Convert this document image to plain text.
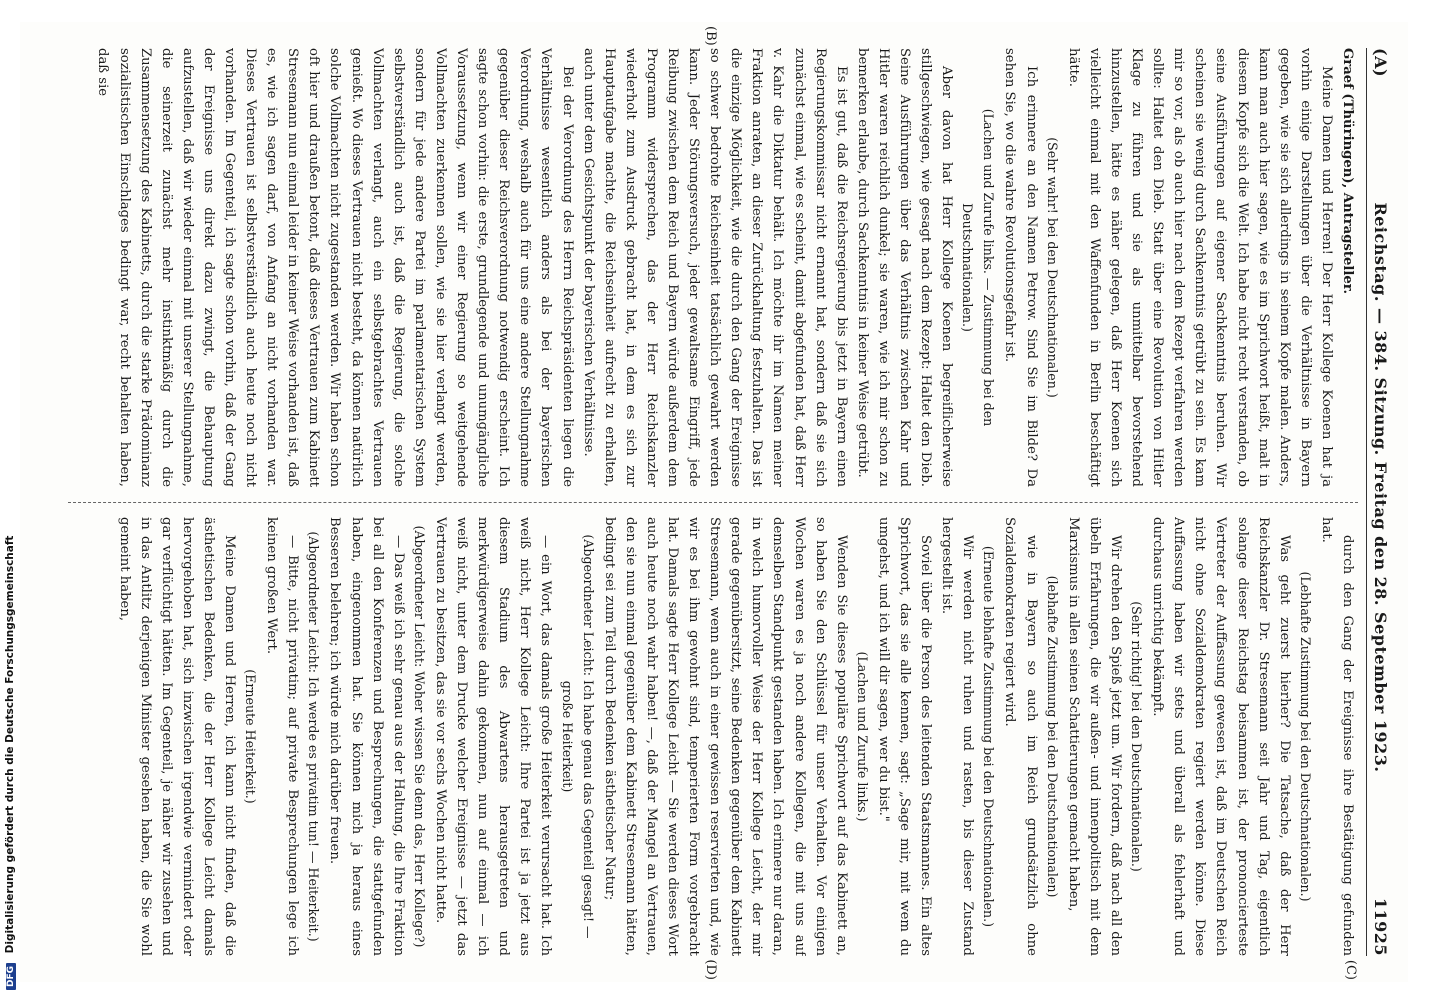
DFG Digitalisierung gefördert durch die Deutsche Forschungsgemeinschaft
(A)
Reichstag. — 384. Sitzung. Freitag den 28. September 1923.
11925

Graef (Thüringen), Antragsteller.

Meine Damen und Herren! Der Herr Kollege Koenen hat ja vorhin einige Darstellungen über die Verhältnisse in Bayern gegeben, wie sie sich allerdings in seinem Kopfe malen. Anders, kann man auch hier sagen, wie es im Sprichwort heißt, malt in diesem Kopfe sich die Welt. Ich habe nicht recht verstanden, ob seine Ausführungen auf eigener Sachkenntnis beruhen. Wir scheinen sie wenig durch Sachkenntnis getrübt zu sein. Es kam mir so vor, als ob auch hier nach dem Rezept verfahren werden sollte: Haltet den Dieb. Statt über eine Revolution von Hitler Klage zu führen und sie als unmittelbar bevorstehend hinzustellen, hätte es näher gelegen, daß Herr Koenen sich vielleicht einmal mit den Waffenfunden in Berlin beschäftigt hätte.

(Sehr wahr! bei den Deutschnationalen.)

Ich erinnere an den Namen Petrow. Sind Sie im Bilde? Da sehen Sie, wo die wahre Revolutionsgefahr ist.

(Lachen und Zurufe links. — Zustimmung bei den Deutschnationalen.)

Aber davon hat Herr Kollege Koenen begreiflicherweise stillgeschwiegen, wie gesagt nach dem Rezept: Haltet den Dieb. Seine Ausführungen über das Verhältnis zwischen Kahr und Hitler waren reichlich dunkel; sie waren, wie ich mir schon zu bemerken erlaube, durch Sachkenntnis in keiner Weise getrübt.

Es ist gut, daß die Reichsregierung bis jetzt in Bayern einen Regierungskommissar nicht ernannt hat, sondern daß sie sich zunächst einmal, wie es scheint, damit abgefunden hat, daß Herr v. Kahr die Diktatur behält. Ich möchte ihr im Namen meiner Fraktion anraten, an dieser Zurückhaltung festzuhalten. Das ist die einzige Möglichkeit, wie die durch den Gang der Ereignisse so schwer bedrohte Reichseinheit tatsächlich gewahrt werden kann. Jeder Störungsversuch, jeder gewaltsame Eingriff, jede Reibung zwischen dem Reich und Bayern würde außerdem dem Programm widersprechen, das der Herr Reichskanzler wiederholt zum Ausdruck gebracht hat, in dem es sich zur Hauptaufgabe machte, die Reichseinheit aufrecht zu erhalten, auch unter dem Gesichtspunkt der bayerischen Verhältnisse.

Bei der Verordnung des Herrn Reichspräsidenten liegen die Verhältnisse wesentlich anders als bei der bayerischen Verordnung, weshalb auch für uns eine andere Stellungnahme gegenüber dieser Reichsverordnung notwendig erscheint. Ich sagte schon vorhin: die erste, grundlegende und unumgängliche Voraussetzung, wenn wir einer Regierung so weitgehende Vollmachten zuerkennen sollen, wie sie hier verlangt werden, sondern für jede andere Partei im parlamentarischen System selbstverständlich auch ist, daß die Regierung, die solche Vollmachten verlangt, auch ein selbstgebrachtes Vertrauen genießt. Wo dieses Vertrauen nicht besteht, da können natürlich solche Vollmachten nicht zugestanden werden. Wir haben schon oft hier und draußen betont, daß dieses Vertrauen zum Kabinett Stresemann nun einmal leider in keiner Weise vorhanden ist, daß es, wie ich sagen darf, von Anfang an nicht vorhanden war. Dieses Vertrauen ist selbstverständlich auch heute noch nicht vorhanden. Im Gegenteil, ich sagte schon vorhin, daß der Gang der Ereignisse uns direkt dazu zwingt, die Behauptung aufzustellen, daß wir wieder einmal mit unserer Stellungnahme, die seinerzeit zunächst mehr instinktmäßig durch die Zusammensetzung des Kabinetts, durch die starke Prädominanz sozialistischen Einschlages bedingt war, recht behalten haben, daß sie

durch den Gang der Ereignisse ihre Bestätigung gefunden hat.

(Lebhafte Zustimmung bei den Deutschnationalen.)

Was geht zuerst hierher? Die Tatsache, daß der Herr Reichskanzler Dr. Stresemann seit Jahr und Tag, eigentlich solange dieser Reichstag beisammen ist, der prononcierteste Vertreter der Auffassung gewesen ist, daß im Deutschen Reich nicht ohne Sozialdemokraten regiert werden könne. Diese Auffassung haben wir stets und überall als fehlerhaft und durchaus unrichtig bekämpft.

(Sehr richtig! bei den Deutschnationalen.)

Wir drehen den Spieß jetzt um. Wir fordern, daß nach all den übeln Erfahrungen, die wir außen- und innenpolitisch mit dem Marxismus in allen seinen Schattierungen gemacht haben,

(lebhafte Zustimmung bei den Deutschnationalen)

wie in Bayern so auch im Reich grundsätzlich ohne Sozialdemokraten regiert wird.

(Erneute lebhafte Zustimmung bei den Deutschnationalen.)

Wir werden nicht ruhen und rasten, bis dieser Zustand hergestellt ist.

Soviel über die Person des leitenden Staatsmannes. Ein altes Sprichwort, das sie alle kennen, sagt: „Sage mir, mit wem du umgehst, und ich will dir sagen, wer du bist."

(Lachen und Zurufe links.)

Wenden Sie dieses populäre Sprichwort auf das Kabinett an, so haben Sie den Schlüssel für unser Verhalten. Vor einigen Wochen waren es ja noch andere Kollegen, die mit uns auf demselben Standpunkt gestanden haben. Ich erinnere nur daran, in welch humorvoller Weise der Herr Kollege Leicht, der mir gerade gegenübersitzt, seine Bedenken gegenüber dem Kabinett Stresemann, wenn auch in einer gewissen reservierten und, wie wir es bei ihm gewohnt sind, temperierten Form vorgebracht hat. Damals sagte Herr Kollege Leicht — Sie werden dieses Wort auch heute noch wahr haben! —, daß der Mangel an Vertrauen, den sie nun einmal gegenüber dem Kabinett Stresemann hätten, bedingt sei zum Teil durch Bedenken ästhetischer Natur;

(Abgeordneter Leicht: Ich habe genau das Gegenteil gesagt! — große Heiterkeit)

— ein Wort, das damals große Heiterkeit verursacht hat. Ich weiß nicht, Herr Kollege Leicht: Ihre Partei ist ja jetzt aus diesem Stadium des Abwartens herausgetreten und merkwürdigerweise dahin gekommen, nun auf einmal — ich weiß nicht, unter dem Drucke welcher Ereignisse — jetzt das Vertrauen zu besitzen, das sie vor sechs Wochen nicht hatte.

(Abgeordneter Leicht: Woher wissen Sie denn das, Herr Kollege?)

— Das weiß ich sehr genau aus der Haltung, die Ihre Fraktion bei all den Konferenzen und Besprechungen, die stattgefunden haben, eingenommen hat. Sie können mich ja heraus eines Besseren belehren; ich würde mich darüber freuen.

(Abgeordneter Leicht: Ich werde es privatim tun! — Heiterkeit.)

— Bitte, nicht privatim; auf private Besprechungen lege ich keinen großen Wert.

(Erneute Heiterkeit.)

Meine Damen und Herren, ich kann nicht finden, daß die ästhetischen Bedenken, die der Herr Kollege Leicht damals hervorgehoben hat, sich inzwischen irgendwie vermindert oder gar verflüchtigt hätten. Im Gegenteil, je näher wir zusehen und in das Antlitz derjenigen Minister gesehen haben, die Sie wohl gemeint haben,

(B)
(C)
(D)
